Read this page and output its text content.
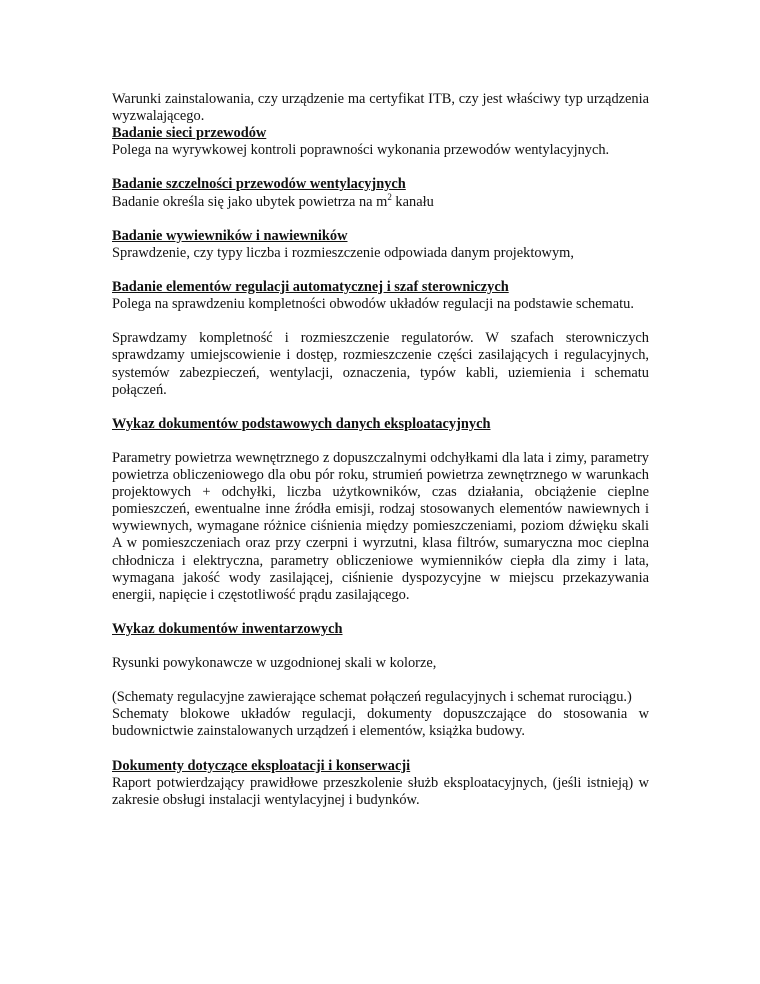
Warunki zainstalowania, czy urządzenie ma certyfikat ITB, czy jest właściwy typ urządzenia wyzwalającego.

Badanie sieci przewodów

Polega na wyrywkowej kontroli poprawności wykonania przewodów wentylacyjnych.

Badanie szczelności przewodów wentylacyjnych

Badanie określa się jako ubytek powietrza na $m^2$ kanału

Badanie wywiewników i nawiewników

Sprawdzenie, czy typy liczba i rozmieszczenie odpowiada danym projektowym,

Badanie elementów regulacji automatycznej i szaf sterowniczych

Polega na sprawdzeniu kompletności obwodów układów regulacji na podstawie schematu.

Sprawdzamy kompletność i rozmieszczenie regulatorów. W szafach sterowniczych sprawdzamy umiejscowienie i dostęp, rozmieszczenie części zasilających i regulacyjnych, systemów zabezpieczeń, wentylacji, oznaczenia, typów kabli, uziemienia i schematu połączeń.

Wykaz dokumentów podstawowych danych eksploatacyjnych

Parametry powietrza wewnętrznego z dopuszczalnymi odchyłkami dla lata i zimy, parametry powietrza obliczeniowego dla obu pór roku, strumień powietrza zewnętrznego w warunkach projektowych + odchyłki, liczba użytkowników, czas działania, obciążenie cieplne pomieszczeń, ewentualne inne źródła emisji, rodzaj stosowanych elementów nawiewnych i wywiewnych, wymagane różnice ciśnienia między pomieszczeniami, poziom dźwięku skali A w pomieszczeniach oraz przy czerpni i wyrzutni, klasa filtrów, sumaryczna moc cieplna chłodnicza i elektryczna, parametry obliczeniowe wymienników ciepła dla zimy i lata, wymagana jakość wody zasilającej, ciśnienie dyspozycyjne w miejscu przekazywania energii, napięcie i częstotliwość prądu zasilającego.

Wykaz dokumentów inwentarzowych

Rysunki powykonawcze w uzgodnionej skali w kolorze,

(Schematy regulacyjne zawierające schemat połączeń regulacyjnych i schemat rurociągu.)

Schematy blokowe układów regulacji, dokumenty dopuszczające do stosowania w budownictwie zainstalowanych urządzeń i elementów, książka budowy.

Dokumenty dotyczące eksploatacji i konserwacji

Raport potwierdzający prawidłowe przeszkolenie służb eksploatacyjnych, (jeśli istnieją) w zakresie obsługi instalacji wentylacyjnej i budynków.
